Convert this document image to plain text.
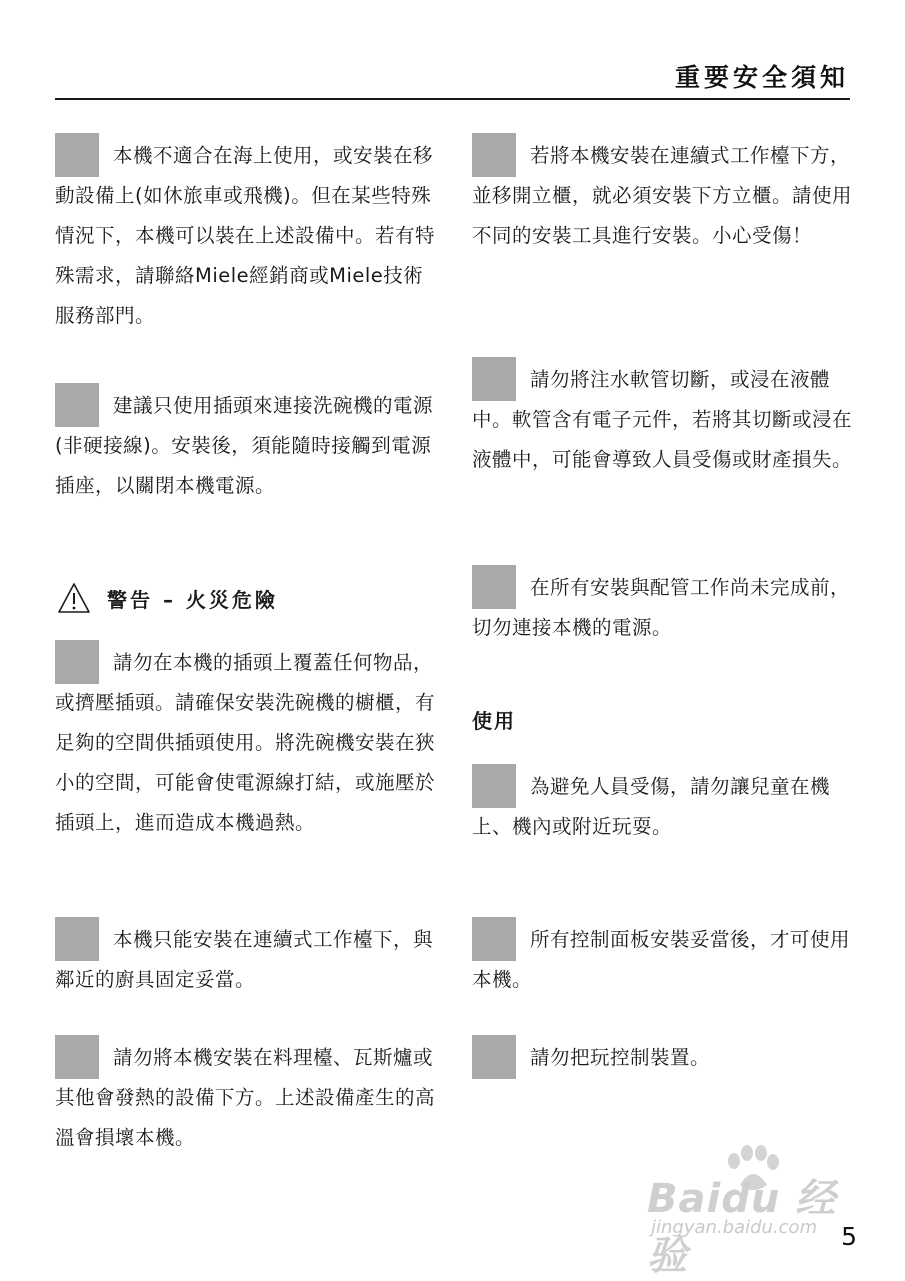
重要安全須知

本機不適合在海上使用，或安裝在移動設備上(如休旅車或飛機)。但在某些特殊情況下，本機可以裝在上述設備中。若有特殊需求，請聯絡Miele經銷商或Miele技術服務部門。

建議只使用插頭來連接洗碗機的電源(非硬接線)。安裝後，須能隨時接觸到電源插座，以關閉本機電源。

警告 – 火災危險

請勿在本機的插頭上覆蓋任何物品，或擠壓插頭。請確保安裝洗碗機的櫥櫃，有足夠的空間供插頭使用。將洗碗機安裝在狹小的空間，可能會使電源線打結，或施壓於插頭上，進而造成本機過熱。

本機只能安裝在連續式工作檯下，與鄰近的廚具固定妥當。

請勿將本機安裝在料理檯、瓦斯爐或其他會發熱的設備下方。上述設備產生的高溫會損壞本機。

若將本機安裝在連續式工作檯下方，並移開立櫃，就必須安裝下方立櫃。請使用不同的安裝工具進行安裝。小心受傷！

請勿將注水軟管切斷，或浸在液體中。軟管含有電子元件，若將其切斷或浸在液體中，可能會導致人員受傷或財產損失。

在所有安裝與配管工作尚未完成前，切勿連接本機的電源。

使用

為避免人員受傷，請勿讓兒童在機上、機內或附近玩耍。

所有控制面板安裝妥當後，才可使用本機。

請勿把玩控制裝置。

Baidu 经验
jingyan.baidu.com 5
